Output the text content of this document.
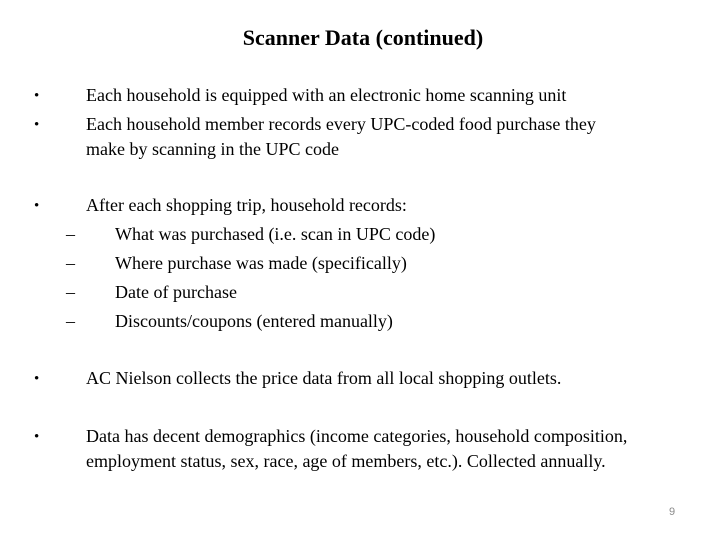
Scanner Data (continued)
•	Each household is equipped with an electronic home scanning unit
•	Each household member records every UPC-coded food purchase they
make by scanning in the UPC code
•	After each shopping trip, household records:
– What was purchased (i.e. scan in UPC code)
– Where purchase was made (specifically)
– Date of purchase
– Discounts/coupons (entered manually)
•	AC Nielson collects the price data from all local shopping outlets.
•	Data has decent demographics (income categories, household composition,
employment status, sex, race, age of members, etc.). Collected annually.
9
